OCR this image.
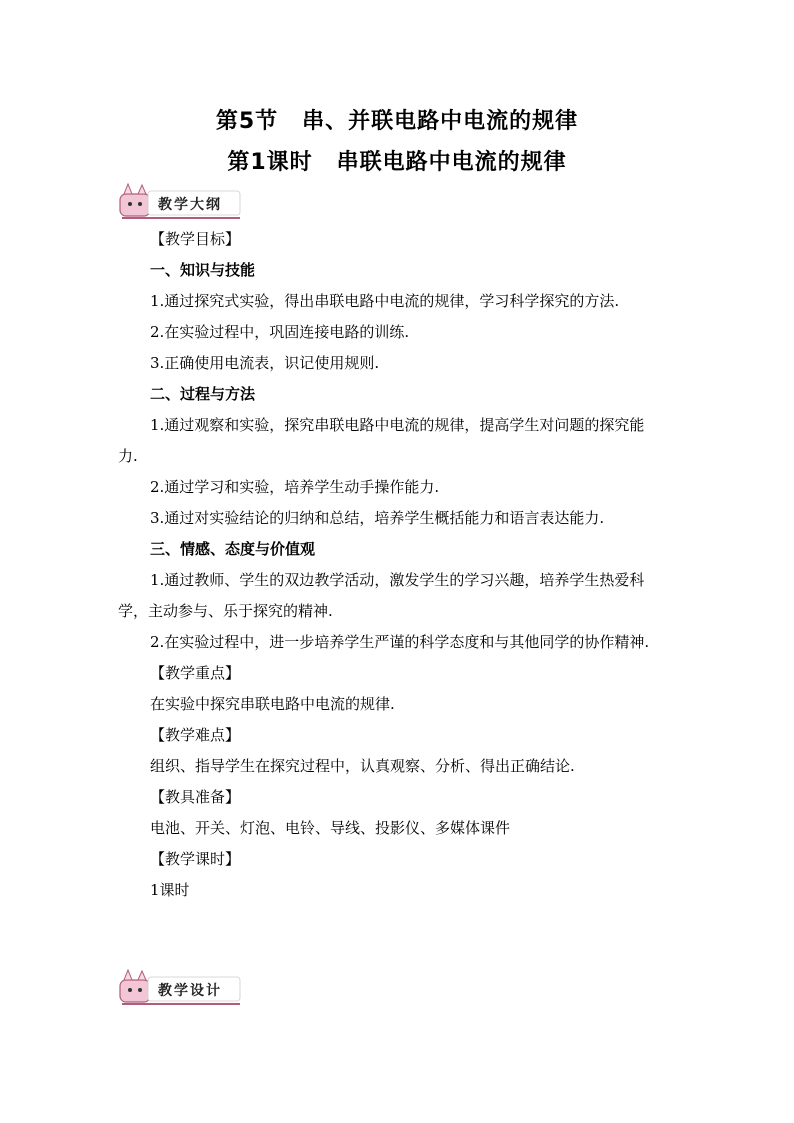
第5节 串、并联电路中电流的规律
第1课时 串联电路中电流的规律
教学大纲

【教学目标】

一、知识与技能

1.通过探究式实验，得出串联电路中电流的规律，学习科学探究的方法.

2.在实验过程中，巩固连接电路的训练.

3.正确使用电流表，识记使用规则.

二、过程与方法

1.通过观察和实验，探究串联电路中电流的规律，提高学生对问题的探究能

力.

2.通过学习和实验，培养学生动手操作能力.

3.通过对实验结论的归纳和总结，培养学生概括能力和语言表达能力.

三、情感、态度与价值观

1.通过教师、学生的双边教学活动，激发学生的学习兴趣，培养学生热爱科

学，主动参与、乐于探究的精神.

2.在实验过程中，进一步培养学生严谨的科学态度和与其他同学的协作精神.

【教学重点】

在实验中探究串联电路中电流的规律.

【教学难点】

组织、指导学生在探究过程中，认真观察、分析、得出正确结论.

【教具准备】

电池、开关、灯泡、电铃、导线、投影仪、多媒体课件

【教学课时】

1课时

教学设计
